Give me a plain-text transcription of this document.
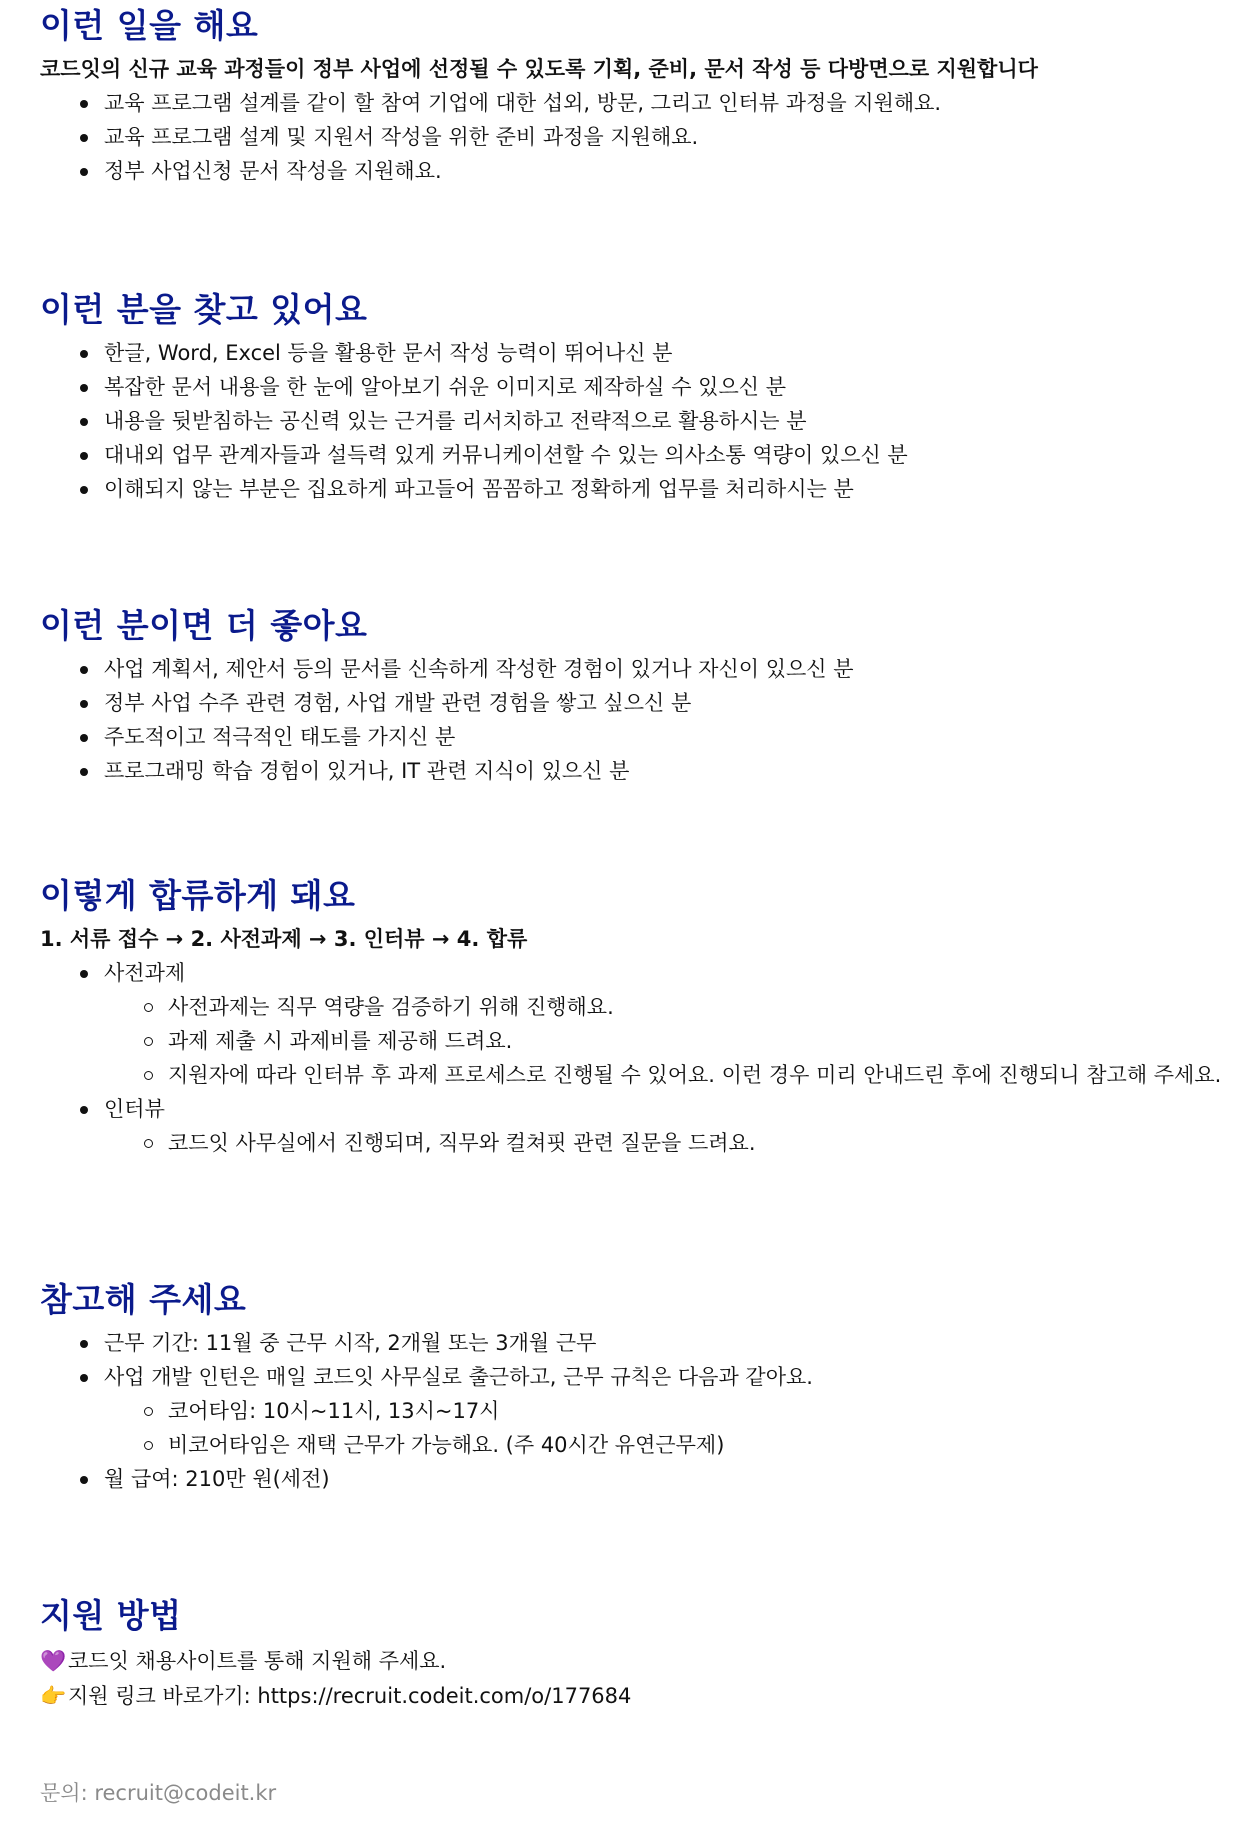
이런 일을 해요
코드잇의 신규 교육 과정들이 정부 사업에 선정될 수 있도록 기획, 준비, 문서 작성 등 다방면으로 지원합니다
교육 프로그램 설계를 같이 할 참여 기업에 대한 섭외, 방문, 그리고 인터뷰 과정을 지원해요.
교육 프로그램 설계 및 지원서 작성을 위한 준비 과정을 지원해요.
정부 사업신청 문서 작성을 지원해요.
이런 분을 찾고 있어요
한글, Word, Excel 등을 활용한 문서 작성 능력이 뛰어나신 분
복잡한 문서 내용을 한 눈에 알아보기 쉬운 이미지로 제작하실 수 있으신 분
내용을 뒷받침하는 공신력 있는 근거를 리서치하고 전략적으로 활용하시는 분
대내외 업무 관계자들과 설득력 있게 커뮤니케이션할 수 있는 의사소통 역량이 있으신 분
이해되지 않는 부분은 집요하게 파고들어 꼼꼼하고 정확하게 업무를 처리하시는 분
이런 분이면 더 좋아요
사업 계획서, 제안서 등의 문서를 신속하게 작성한 경험이 있거나 자신이 있으신 분
정부 사업 수주 관련 경험, 사업 개발 관련 경험을 쌓고 싶으신 분
주도적이고 적극적인 태도를 가지신 분
프로그래밍 학습 경험이 있거나, IT 관련 지식이 있으신 분
이렇게 합류하게 돼요
1. 서류 접수 → 2. 사전과제 → 3. 인터뷰 → 4. 합류
사전과제
사전과제는 직무 역량을 검증하기 위해 진행해요.
과제 제출 시 과제비를 제공해 드려요.
지원자에 따라 인터뷰 후 과제 프로세스로 진행될 수 있어요. 이런 경우 미리 안내드린 후에 진행되니 참고해 주세요.
인터뷰
코드잇 사무실에서 진행되며, 직무와 컬쳐핏 관련 질문을 드려요.
참고해 주세요
근무 기간: 11월 중 근무 시작, 2개월 또는 3개월 근무
사업 개발 인턴은 매일 코드잇 사무실로 출근하고, 근무 규칙은 다음과 같아요.
코어타임: 10시~11시, 13시~17시
비코어타임은 재택 근무가 가능해요. (주 40시간 유연근무제)
월 급여: 210만 원(세전)
지원 방법
💜코드잇 채용사이트를 통해 지원해 주세요.
👉지원 링크 바로가기: https://recruit.codeit.com/o/177684
문의: recruit@codeit.kr
